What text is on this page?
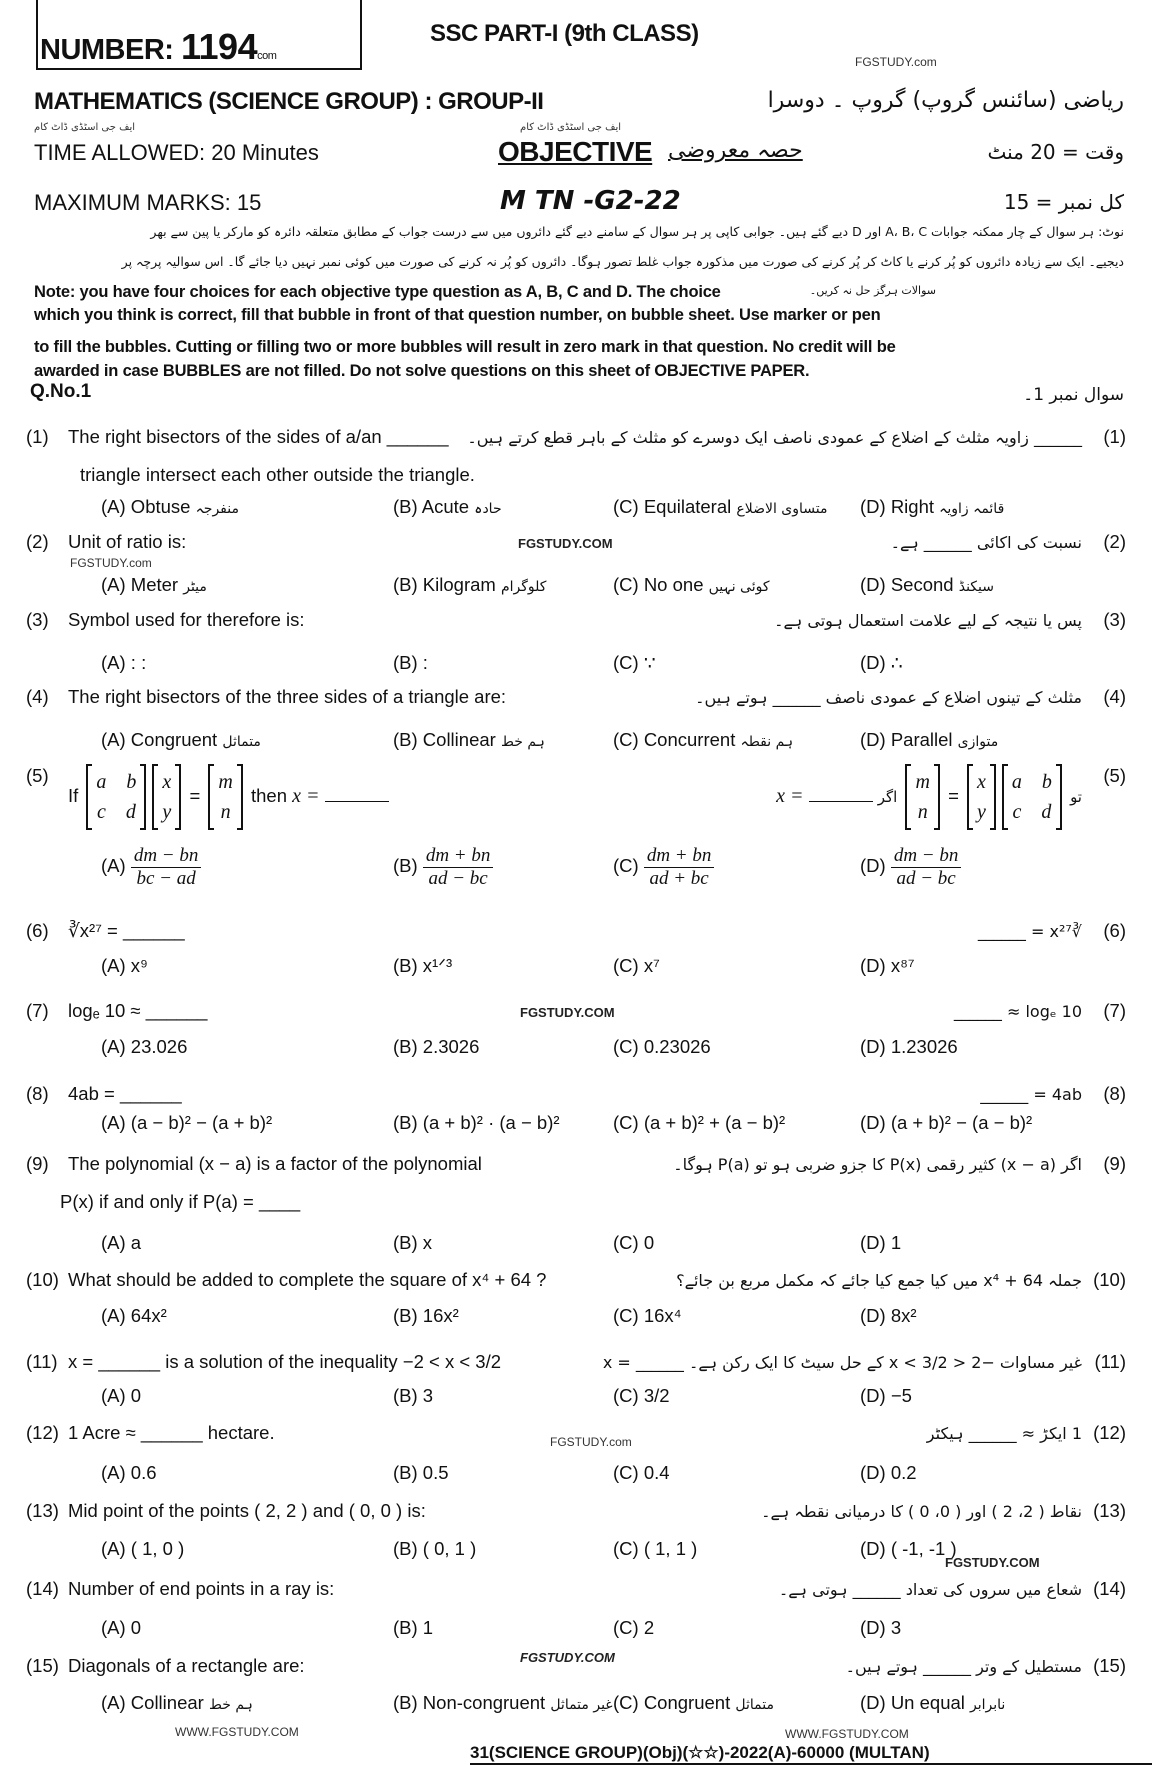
NUMBER: 1194com
SSC PART-I (9th CLASS)
FGSTUDY.com
MATHEMATICS (SCIENCE GROUP) : GROUP-II	ریاضی (سائنس گروپ) گروپ ۔ دوسرا
ایف جی اسٹڈی ڈاٹ کام	ایف جی اسٹڈی ڈاٹ کام
TIME ALLOWED: 20 Minutes	OBJECTIVE حصہ معروضی	وقت = 20 منٹ
MAXIMUM MARKS: 15	M TN -G2-22	کل نمبر = 15
نوٹ: ہر سوال کے چار ممکنہ جوابات A، B، C اور D دیے گئے ہیں۔ جوابی کاپی پر ہر سوال کے سامنے دیے گئے دائروں میں سے درست جواب کے مطابق متعلقہ دائرہ کو مارکر یا پین سے بھر
دیجیے۔ ایک سے زیادہ دائروں کو پُر کرنے یا کاٹ کر پُر کرنے کی صورت میں مذکورہ جواب غلط تصور ہوگا۔ دائروں کو پُر نہ کرنے کی صورت میں کوئی نمبر نہیں دیا جائے گا۔ اس سوالیہ پرچہ پر
سوالات ہرگز حل نہ کریں۔
Note: you have four choices for each objective type question as A, B, C and D. The choice
which you think is correct, fill that bubble in front of that question number, on bubble sheet. Use marker or pen
to fill the bubbles. Cutting or filling two or more bubbles will result in zero mark in that question. No credit will be
awarded in case BUBBLES are not filled. Do not solve questions on this sheet of OBJECTIVE PAPER.
Q.No.1	سوال نمبر 1۔
(1)	(1)
The right bisectors of the sides of a/an ______
triangle intersect each other outside the triangle.
______ زاویہ مثلث کے اضلاع کے عمودی ناصف ایک دوسرے کو مثلث کے باہر قطع کرتے ہیں۔
(A) Obtuse منفرجہ	(B) Acute حادہ	(C) Equilateral متساوی الاضلاع (D) Right قائمہ زاویہ
(2)	(2)
Unit of ratio is:	نسبت کی اکائی ______ ہے۔
(A) Meter میٹر	(B) Kilogram کلوگرام	(C) No one کوئی نہیں	(D) Second سیکنڈ
(3)	(3)
Symbol used for therefore is:	پس یا نتیجہ کے لیے علامت استعمال ہوتی ہے۔
(A) : :	(B) :	(C) ∵	(D) ∴
(4)	(4)
The right bisectors of the three sides of a triangle are:	مثلث کے تینوں اضلاع کے عمودی ناصف ______ ہوتے ہیں۔
(A) Congruent متماثل	(B) Collinear ہم خط	(C) Concurrent ہم نقطہ	(D) Parallel متوازی
(5)	(5)
If
a b
c d
x
y
=
m
n
then x =	x =	تو
a b
c d
x
y
=
m
n
اگر
$(A) \frac{dm - bn}{bc - ad}$	$(B) \frac{dm + bn}{ad - bc}$	$(C) \frac{dm + bn}{ad + bc}$	$(D) \frac{dm - bn}{ad - bc}$
(6)	(6)
∛x²⁷ = ______	∛x²⁷ = ______
(A) x⁹	(B) x¹ᐟ³	(C) x⁷	(D) x⁸⁷
(7)	(7)
logₑ 10 ≈ ______	logₑ 10 ≈ ______
(A) 23.026	(B) 2.3026	(C) 0.23026	(D) 1.23026
(8)	(8)
4ab = ______	4ab = ______
(A) (a − b)² − (a + b)²	(B) (a + b)² · (a − b)²	(C) (a + b)² + (a − b)²	(D) (a + b)² − (a − b)²
(9)	(9)
The polynomial (x − a) is a factor of the polynomial
P(x) if and only if P(a) = ____
اگر (x − a) کثیر رقمی P(x) کا جزو ضربی ہو تو P(a) ہوگا۔
(A) a	(B) x	(C) 0	(D) 1
(10)	(10)
What should be added to complete the square of x⁴ + 64 ?	جملہ x⁴ + 64 میں کیا جمع کیا جائے کہ مکمل مربع بن جائے؟
(A) 64x²	(B) 16x²	(C) 16x⁴	(D) 8x²
(11)	(11)
x = ______ is a solution of the inequality −2 < x < 3/2	غیر مساوات −2 < x < 3/2 کے حل سیٹ کا ایک رکن ہے۔ ______ = x
(A) 0	(B) 3	(C) 3/2	(D) −5
(12)	(12)
1 Acre ≈ ______ hectare.	1 ایکڑ ≈ ______ ہیکٹر
(A) 0.6	(B) 0.5	(C) 0.4	(D) 0.2
(13)	(13)
Mid point of the points ( 2, 2 ) and ( 0, 0 ) is:	نقاط ( 2، 2 ) اور ( 0، 0 ) کا درمیانی نقطہ ہے۔
(A) ( 1, 0 )	(B) ( 0, 1 )	(C) ( 1, 1 )	(D) ( -1, -1 )
(14)	(14)
Number of end points in a ray is:	شعاع میں سروں کی تعداد ______ ہوتی ہے۔
(A) 0	(B) 1	(C) 2	(D) 3
(15)	(15)
Diagonals of a rectangle are:	مستطیل کے وتر ______ ہوتے ہیں۔
(A) Collinear ہم خط	(B) Non-congruent غیر متماثل (C) Congruent متماثل	(D) Un equal نابرابر
FGSTUDY.COM
FGSTUDY.com
FGSTUDY.COM
FGSTUDY.COM
FGSTUDY.com
FGSTUDY.COM
WWW.FGSTUDY.COM	WWW.FGSTUDY.COM
31(SCIENCE GROUP)(Obj)(☆☆)-2022(A)-60000 (MULTAN)
